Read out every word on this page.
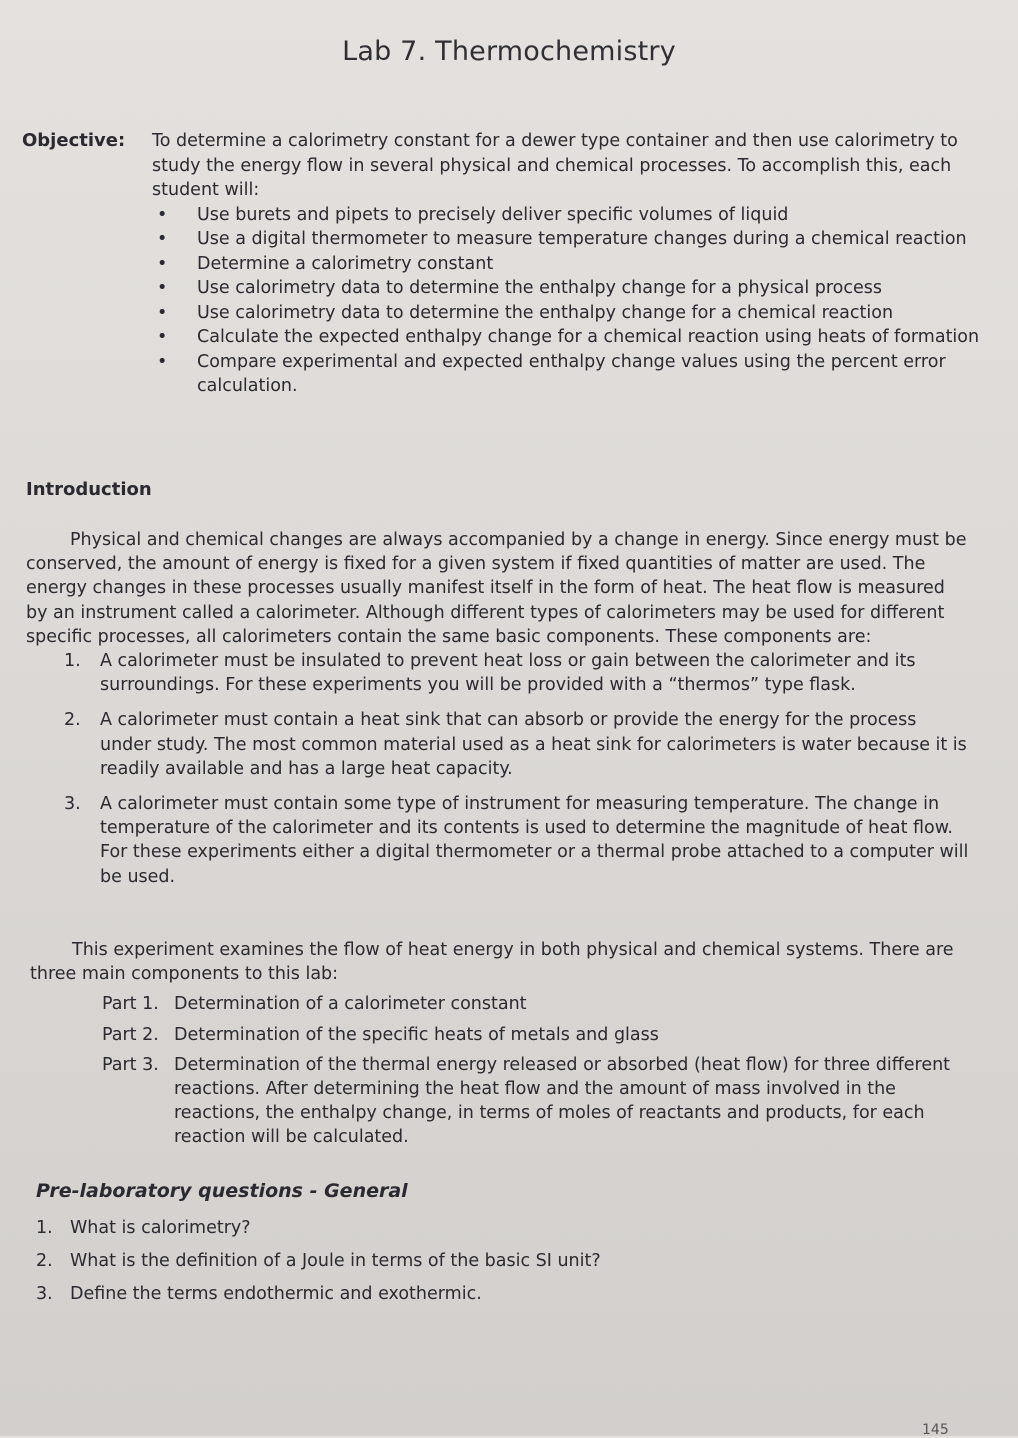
Lab 7. Thermochemistry
Objective: To determine a calorimetry constant for a dewer type container and then use calorimetry to study the energy flow in several physical and chemical processes. To accomplish this, each student will:
• Use burets and pipets to precisely deliver specific volumes of liquid
• Use a digital thermometer to measure temperature changes during a chemical reaction
• Determine a calorimetry constant
• Use calorimetry data to determine the enthalpy change for a physical process
• Use calorimetry data to determine the enthalpy change for a chemical reaction
• Calculate the expected enthalpy change for a chemical reaction using heats of formation
• Compare experimental and expected enthalpy change values using the percent error calculation.
Introduction

Physical and chemical changes are always accompanied by a change in energy. Since energy must be conserved, the amount of energy is fixed for a given system if fixed quantities of matter are used. The energy changes in these processes usually manifest itself in the form of heat. The heat flow is measured by an instrument called a calorimeter. Although different types of calorimeters may be used for different specific processes, all calorimeters contain the same basic components. These components are:

1. A calorimeter must be insulated to prevent heat loss or gain between the calorimeter and its surroundings. For these experiments you will be provided with a “thermos” type flask.
2. A calorimeter must contain a heat sink that can absorb or provide the energy for the process under study. The most common material used as a heat sink for calorimeters is water because it is readily available and has a large heat capacity.
3. A calorimeter must contain some type of instrument for measuring temperature. The change in temperature of the calorimeter and its contents is used to determine the magnitude of heat flow. For these experiments either a digital thermometer or a thermal probe attached to a computer will be used.

This experiment examines the flow of heat energy in both physical and chemical systems. There are three main components to this lab:

Part 1. Determination of a calorimeter constant
Part 2. Determination of the specific heats of metals and glass
Part 3. Determination of the thermal energy released or absorbed (heat flow) for three different reactions. After determining the heat flow and the amount of mass involved in the reactions, the enthalpy change, in terms of moles of reactants and products, for each reaction will be calculated.
Pre-laboratory questions - General
1. What is calorimetry?
2. What is the definition of a Joule in terms of the basic SI unit?
3. Define the terms endothermic and exothermic.
145
